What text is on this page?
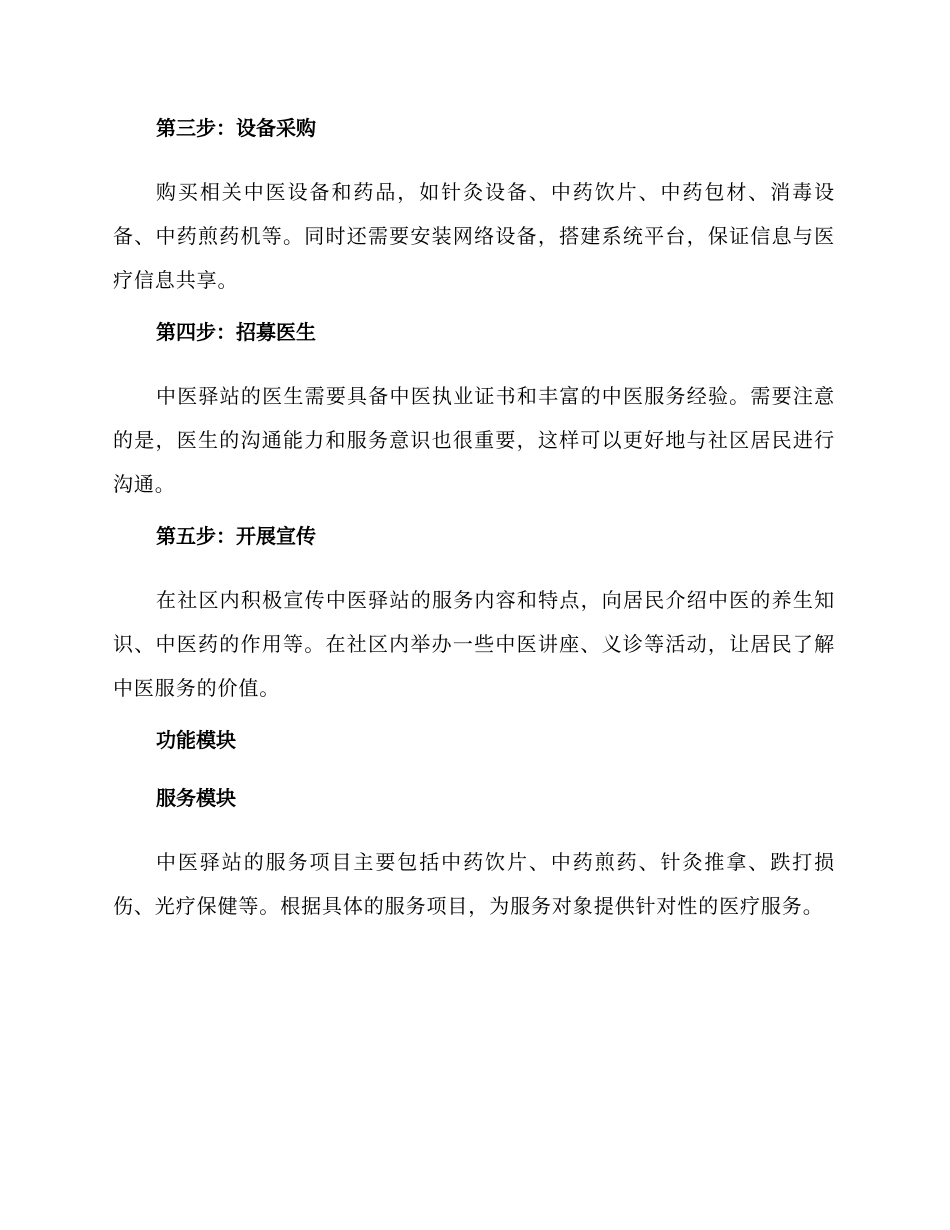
第三步：设备采购

购买相关中医设备和药品，如针灸设备、中药饮片、中药包材、消毒设备、中药煎药机等。同时还需要安装网络设备，搭建系统平台，保证信息与医疗信息共享。

第四步：招募医生

中医驿站的医生需要具备中医执业证书和丰富的中医服务经验。需要注意的是，医生的沟通能力和服务意识也很重要，这样可以更好地与社区居民进行沟通。

第五步：开展宣传

在社区内积极宣传中医驿站的服务内容和特点，向居民介绍中医的养生知识、中医药的作用等。在社区内举办一些中医讲座、义诊等活动，让居民了解中医服务的价值。

功能模块
服务模块

中医驿站的服务项目主要包括中药饮片、中药煎药、针灸推拿、跌打损伤、光疗保健等。根据具体的服务项目，为服务对象提供针对性的医疗服务。
